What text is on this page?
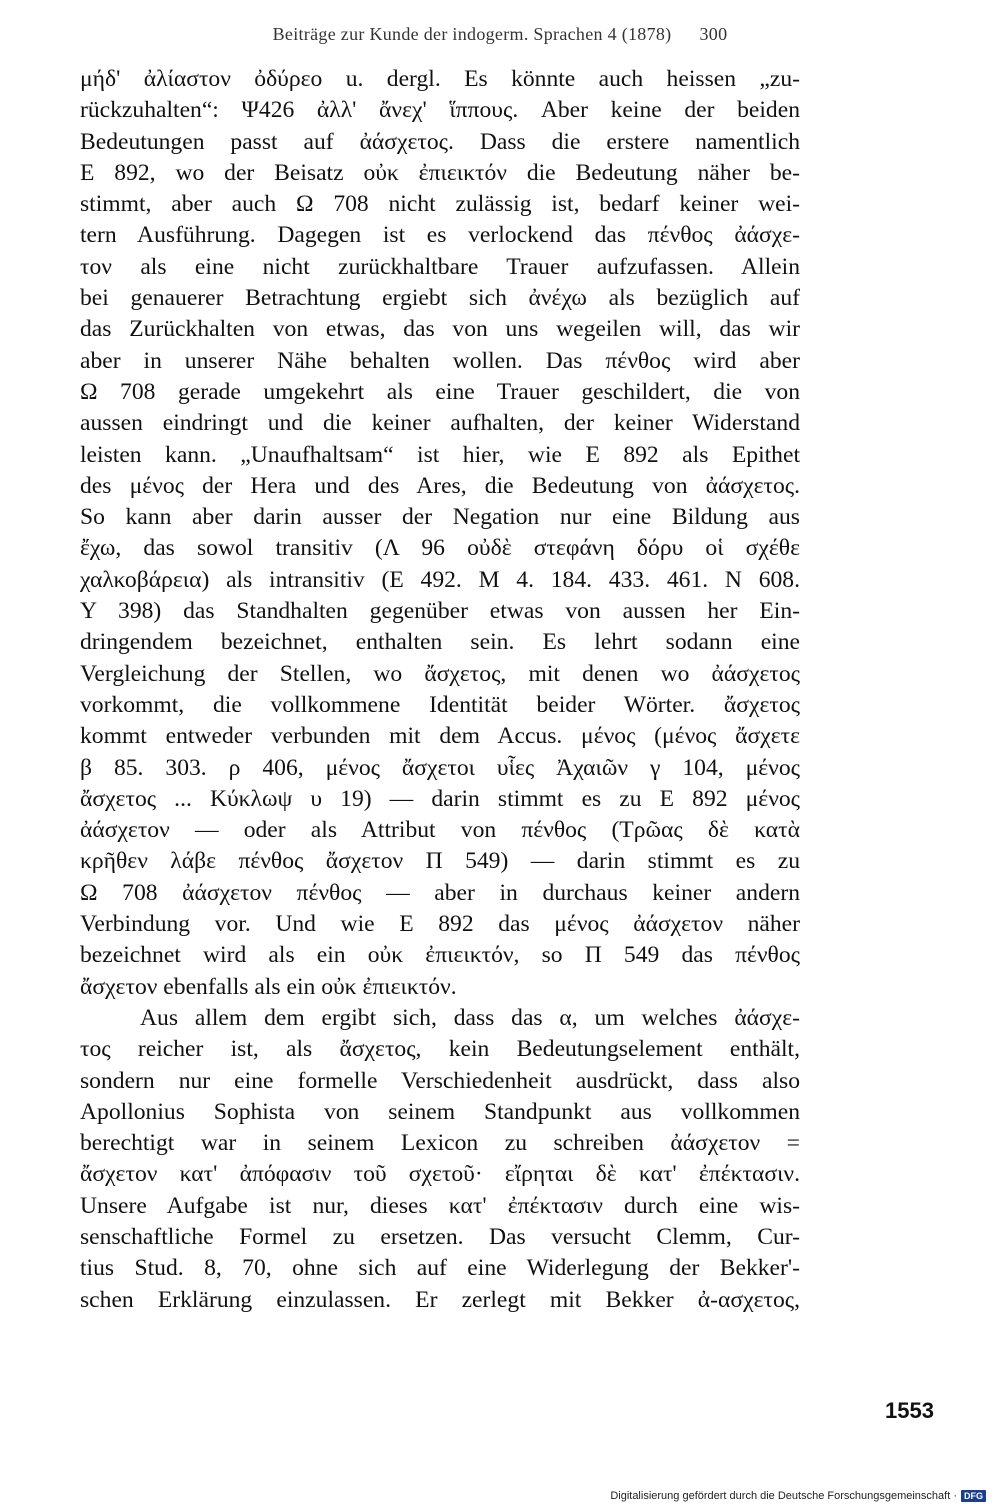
Beiträge zur Kunde der indogerm. Sprachen 4 (1878) 300
μήδ' ἀλίαστον ὀδύρεο u. dergl. Es könnte auch heissen „zu-
rückzuhalten“: Ψ426 ἀλλ' ἄνεχ' ἵππους. Aber keine der beiden
Bedeutungen passt auf ἀάσχετος. Dass die erstere namentlich
E 892, wo der Beisatz οὐκ ἐπιεικτόν die Bedeutung näher be-
stimmt, aber auch Ω 708 nicht zulässig ist, bedarf keiner wei-
tern Ausführung. Dagegen ist es verlockend das πένθος ἀάσχε-
τον als eine nicht zurückhaltbare Trauer aufzufassen. Allein
bei genauerer Betrachtung ergiebt sich ἀνέχω als bezüglich auf
das Zurückhalten von etwas, das von uns wegeilen will, das wir
aber in unserer Nähe behalten wollen. Das πένθος wird aber
Ω 708 gerade umgekehrt als eine Trauer geschildert, die von
aussen eindringt und die keiner aufhalten, der keiner Widerstand
leisten kann. „Unaufhaltsam“ ist hier, wie E 892 als Epithet
des μένος der Hera und des Ares, die Bedeutung von ἀάσχετος.
So kann aber darin ausser der Negation nur eine Bildung aus
ἔχω, das sowol transitiv (Λ 96 οὐδὲ στεφάνη δόρυ οἱ σχέθε
χαλκοβάρεια) als intransitiv (E 492. M 4. 184. 433. 461. N 608.
Y 398) das Standhalten gegenüber etwas von aussen her Ein-
dringendem bezeichnet, enthalten sein. Es lehrt sodann eine
Vergleichung der Stellen, wo ἄσχετος, mit denen wo ἀάσχετος
vorkommt, die vollkommene Identität beider Wörter. ἄσχετος
kommt entweder verbunden mit dem Accus. μένος (μένος ἄσχετε
β 85. 303. ρ 406, μένος ἄσχετοι υἷες Ἀχαιῶν γ 104, μένος
ἄσχετος ... Κύκλωψ υ 19) — darin stimmt es zu E 892 μένος
ἀάσχετον — oder als Attribut von πένθος (Τρῶας δὲ κατὰ
κρῆθεν λάβε πένθος ἄσχετον Π 549) — darin stimmt es zu
Ω 708 ἀάσχετον πένθος — aber in durchaus keiner andern
Verbindung vor. Und wie E 892 das μένος ἀάσχετον näher
bezeichnet wird als ein οὐκ ἐπιεικτόν, so Π 549 das πένθος
ἄσχετον ebenfalls als ein οὐκ ἐπιεικτόν.
Aus allem dem ergibt sich, dass das α, um welches ἀάσχε-
τος reicher ist, als ἄσχετος, kein Bedeutungselement enthält,
sondern nur eine formelle Verschiedenheit ausdrückt, dass also
Apollonius Sophista von seinem Standpunkt aus vollkommen
berechtigt war in seinem Lexicon zu schreiben ἀάσχετον =
ἄσχετον κατ' ἀπόφασιν τοῦ σχετοῦ· εἴρηται δὲ κατ' ἐπέκτασιν.
Unsere Aufgabe ist nur, dieses κατ' ἐπέκτασιν durch eine wis-
senschaftliche Formel zu ersetzen. Das versucht Clemm, Cur-
tius Stud. 8, 70, ohne sich auf eine Widerlegung der Bekker'-
schen Erklärung einzulassen. Er zerlegt mit Bekker ἀ-ασχετος,
1553
Digitalisierung gefördert durch die Deutsche Forschungsgemeinschaft · DFG
